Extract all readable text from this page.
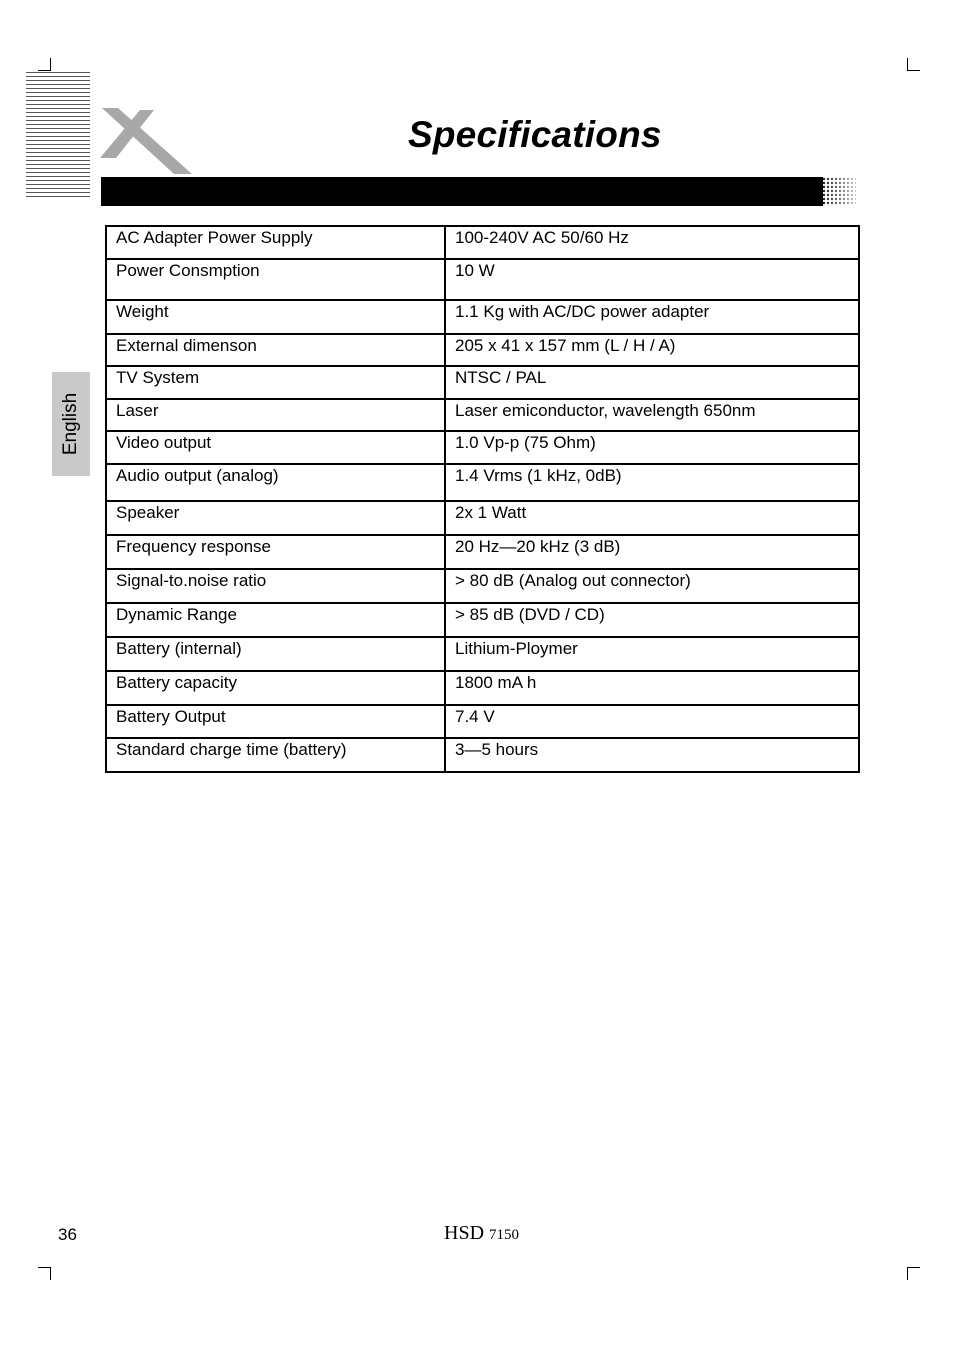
Specifications
English
AC Adapter Power Supply	100-240V AC 50/60 Hz
Power Consmption	10 W
Weight	1.1 Kg with AC/DC power adapter
External dimenson	205 x 41 x 157 mm (L / H / A)
TV System	NTSC / PAL
Laser	Laser emiconductor, wavelength 650nm
Video output	1.0 Vp-p (75 Ohm)
Audio output (analog)	1.4 Vrms (1 kHz, 0dB)
Speaker	2x 1 Watt
Frequency response	20 Hz—20 kHz (3 dB)
Signal-to.noise ratio	> 80 dB (Analog out connector)
Dynamic Range	> 85 dB (DVD / CD)
Battery (internal)	Lithium-Ploymer
Battery capacity	1800 mA h
Battery Output	7.4 V
Standard charge time (battery)	3—5 hours
36	HSD 7150
